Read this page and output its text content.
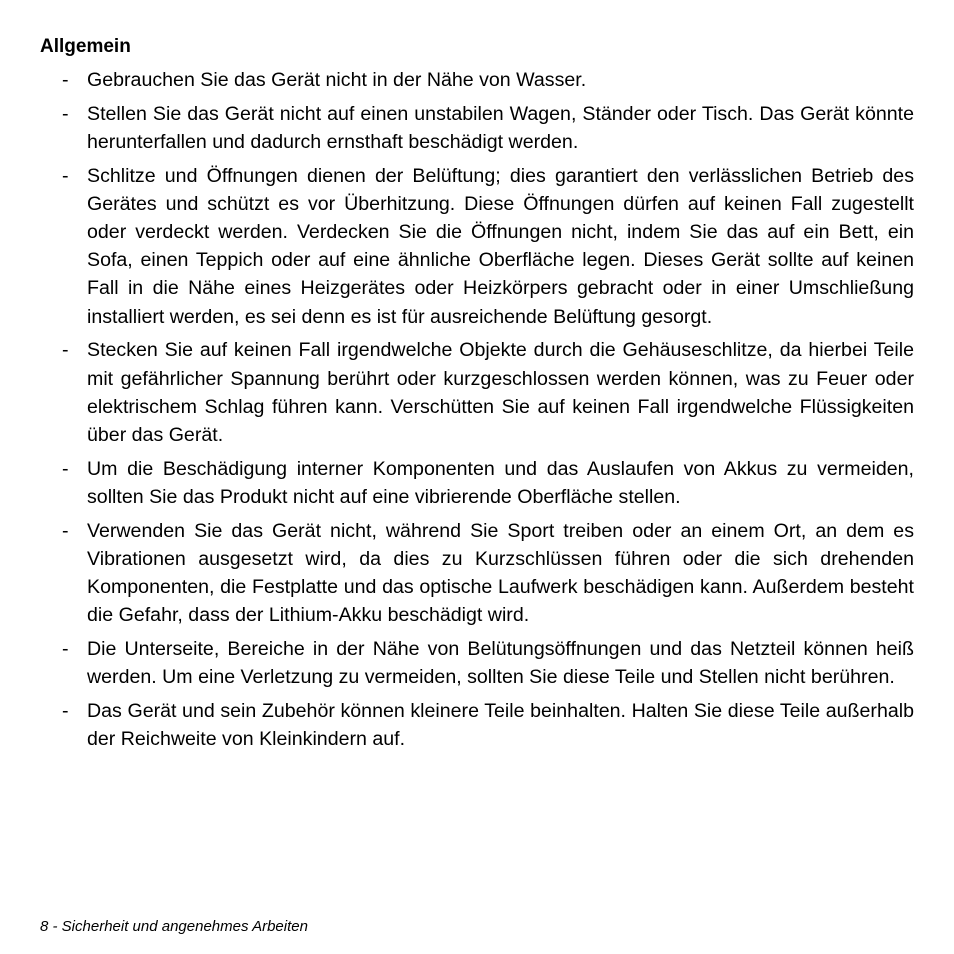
Allgemein
- Gebrauchen Sie das Gerät nicht in der Nähe von Wasser.
- Stellen Sie das Gerät nicht auf einen unstabilen Wagen, Ständer oder Tisch. Das Gerät könnte herunterfallen und dadurch ernsthaft beschädigt werden.
- Schlitze und Öffnungen dienen der Belüftung; dies garantiert den verlässlichen Betrieb des Gerätes und schützt es vor Überhitzung. Diese Öffnungen dürfen auf keinen Fall zugestellt oder verdeckt werden. Verdecken Sie die Öffnungen nicht, indem Sie das auf ein Bett, ein Sofa, einen Teppich oder auf eine ähnliche Oberfläche legen. Dieses Gerät sollte auf keinen Fall in die Nähe eines Heizgerätes oder Heizkörpers gebracht oder in einer Umschließung installiert werden, es sei denn es ist für ausreichende Belüftung gesorgt.
- Stecken Sie auf keinen Fall irgendwelche Objekte durch die Gehäuseschlitze, da hierbei Teile mit gefährlicher Spannung berührt oder kurzgeschlossen werden können, was zu Feuer oder elektrischem Schlag führen kann. Verschütten Sie auf keinen Fall irgendwelche Flüssigkeiten über das Gerät.
- Um die Beschädigung interner Komponenten und das Auslaufen von Akkus zu vermeiden, sollten Sie das Produkt nicht auf eine vibrierende Oberfläche stellen.
- Verwenden Sie das Gerät nicht, während Sie Sport treiben oder an einem Ort, an dem es Vibrationen ausgesetzt wird, da dies zu Kurzschlüssen führen oder die sich drehenden Komponenten, die Festplatte und das optische Laufwerk beschädigen kann. Außerdem besteht die Gefahr, dass der Lithium-Akku beschädigt wird.
- Die Unterseite, Bereiche in der Nähe von Belütungsöffnungen und das Netzteil können heiß werden. Um eine Verletzung zu vermeiden, sollten Sie diese Teile und Stellen nicht berühren.
- Das Gerät und sein Zubehör können kleinere Teile beinhalten. Halten Sie diese Teile außerhalb der Reichweite von Kleinkindern auf.
8 - Sicherheit und angenehmes Arbeiten
